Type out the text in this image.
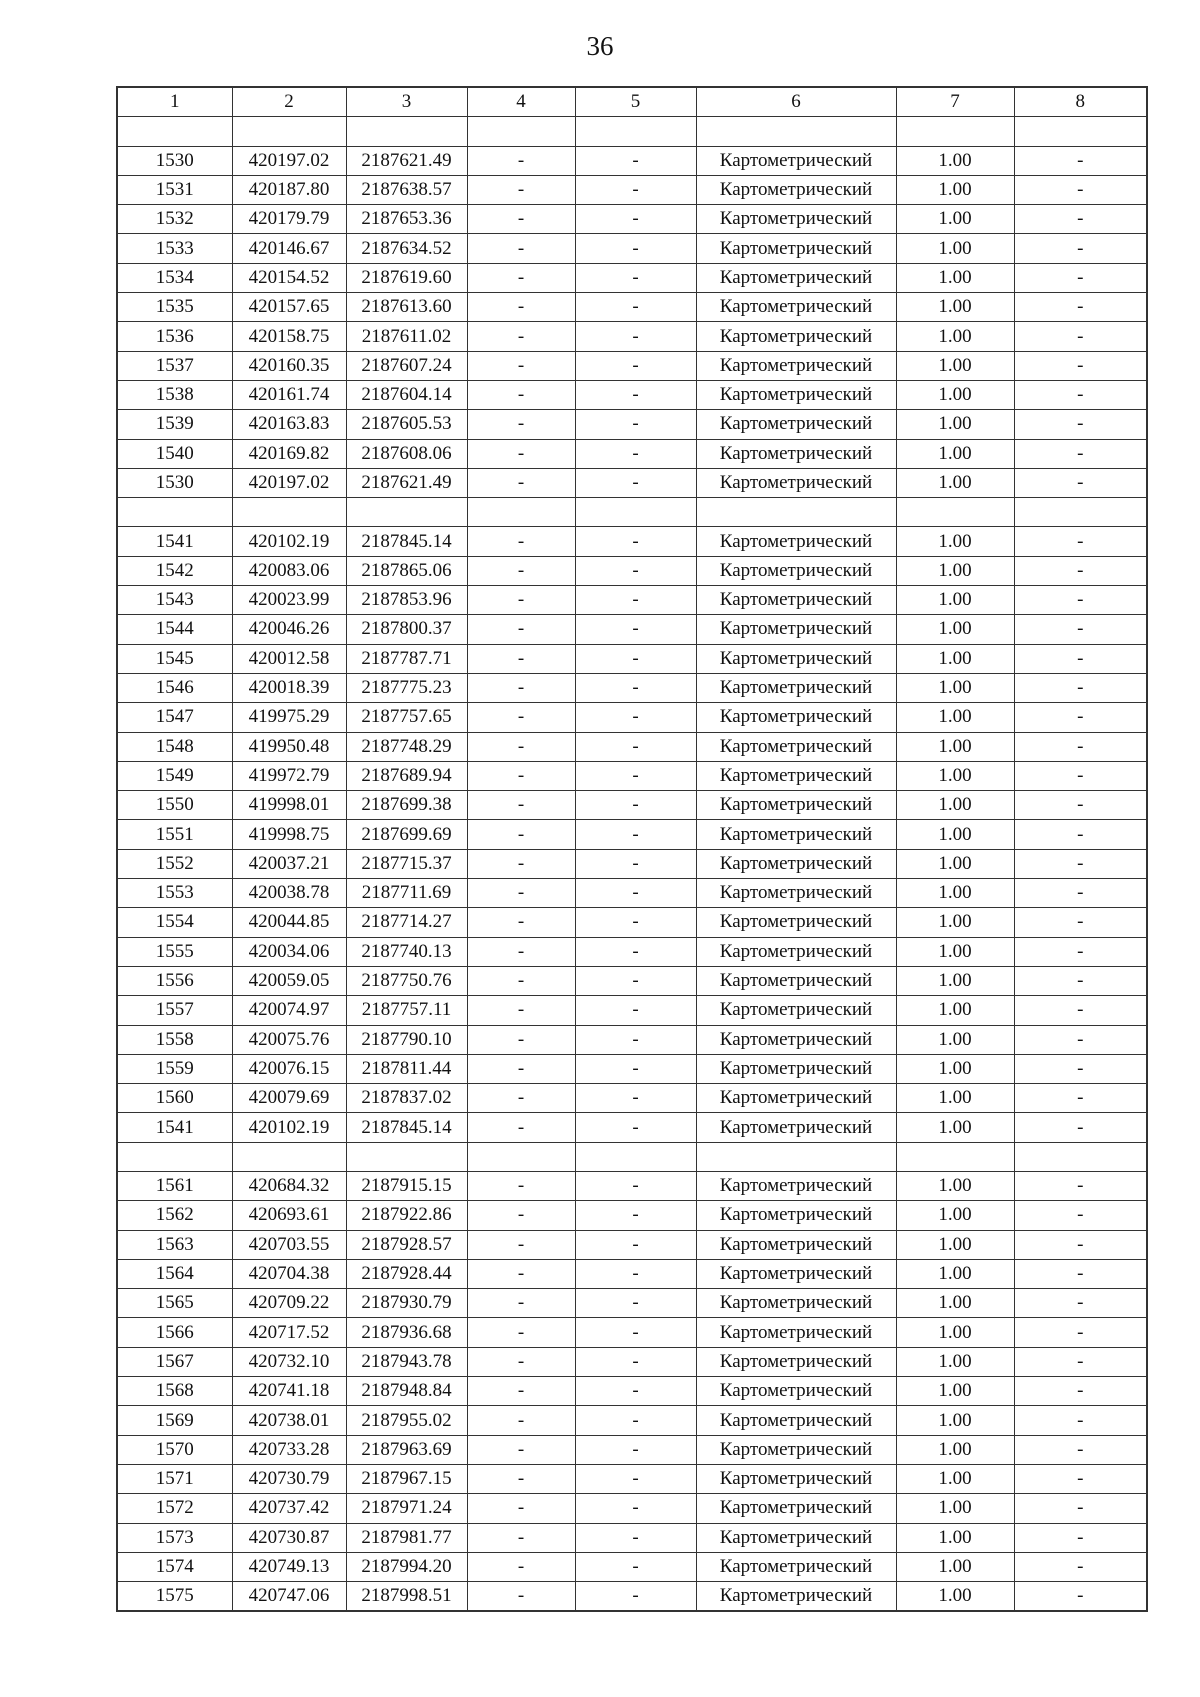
36
1	2	3	4	5	6	7	8

1530	420197.02	2187621.49	-	-	Картометрический	1.00	-
1531	420187.80	2187638.57	-	-	Картометрический	1.00	-
1532	420179.79	2187653.36	-	-	Картометрический	1.00	-
1533	420146.67	2187634.52	-	-	Картометрический	1.00	-
1534	420154.52	2187619.60	-	-	Картометрический	1.00	-
1535	420157.65	2187613.60	-	-	Картометрический	1.00	-
1536	420158.75	2187611.02	-	-	Картометрический	1.00	-
1537	420160.35	2187607.24	-	-	Картометрический	1.00	-
1538	420161.74	2187604.14	-	-	Картометрический	1.00	-
1539	420163.83	2187605.53	-	-	Картометрический	1.00	-
1540	420169.82	2187608.06	-	-	Картометрический	1.00	-
1530	420197.02	2187621.49	-	-	Картометрический	1.00	-

1541	420102.19	2187845.14	-	-	Картометрический	1.00	-
1542	420083.06	2187865.06	-	-	Картометрический	1.00	-
1543	420023.99	2187853.96	-	-	Картометрический	1.00	-
1544	420046.26	2187800.37	-	-	Картометрический	1.00	-
1545	420012.58	2187787.71	-	-	Картометрический	1.00	-
1546	420018.39	2187775.23	-	-	Картометрический	1.00	-
1547	419975.29	2187757.65	-	-	Картометрический	1.00	-
1548	419950.48	2187748.29	-	-	Картометрический	1.00	-
1549	419972.79	2187689.94	-	-	Картометрический	1.00	-
1550	419998.01	2187699.38	-	-	Картометрический	1.00	-
1551	419998.75	2187699.69	-	-	Картометрический	1.00	-
1552	420037.21	2187715.37	-	-	Картометрический	1.00	-
1553	420038.78	2187711.69	-	-	Картометрический	1.00	-
1554	420044.85	2187714.27	-	-	Картометрический	1.00	-
1555	420034.06	2187740.13	-	-	Картометрический	1.00	-
1556	420059.05	2187750.76	-	-	Картометрический	1.00	-
1557	420074.97	2187757.11	-	-	Картометрический	1.00	-
1558	420075.76	2187790.10	-	-	Картометрический	1.00	-
1559	420076.15	2187811.44	-	-	Картометрический	1.00	-
1560	420079.69	2187837.02	-	-	Картометрический	1.00	-
1541	420102.19	2187845.14	-	-	Картометрический	1.00	-

1561	420684.32	2187915.15	-	-	Картометрический	1.00	-
1562	420693.61	2187922.86	-	-	Картометрический	1.00	-
1563	420703.55	2187928.57	-	-	Картометрический	1.00	-
1564	420704.38	2187928.44	-	-	Картометрический	1.00	-
1565	420709.22	2187930.79	-	-	Картометрический	1.00	-
1566	420717.52	2187936.68	-	-	Картометрический	1.00	-
1567	420732.10	2187943.78	-	-	Картометрический	1.00	-
1568	420741.18	2187948.84	-	-	Картометрический	1.00	-
1569	420738.01	2187955.02	-	-	Картометрический	1.00	-
1570	420733.28	2187963.69	-	-	Картометрический	1.00	-
1571	420730.79	2187967.15	-	-	Картометрический	1.00	-
1572	420737.42	2187971.24	-	-	Картометрический	1.00	-
1573	420730.87	2187981.77	-	-	Картометрический	1.00	-
1574	420749.13	2187994.20	-	-	Картометрический	1.00	-
1575	420747.06	2187998.51	-	-	Картометрический	1.00	-
